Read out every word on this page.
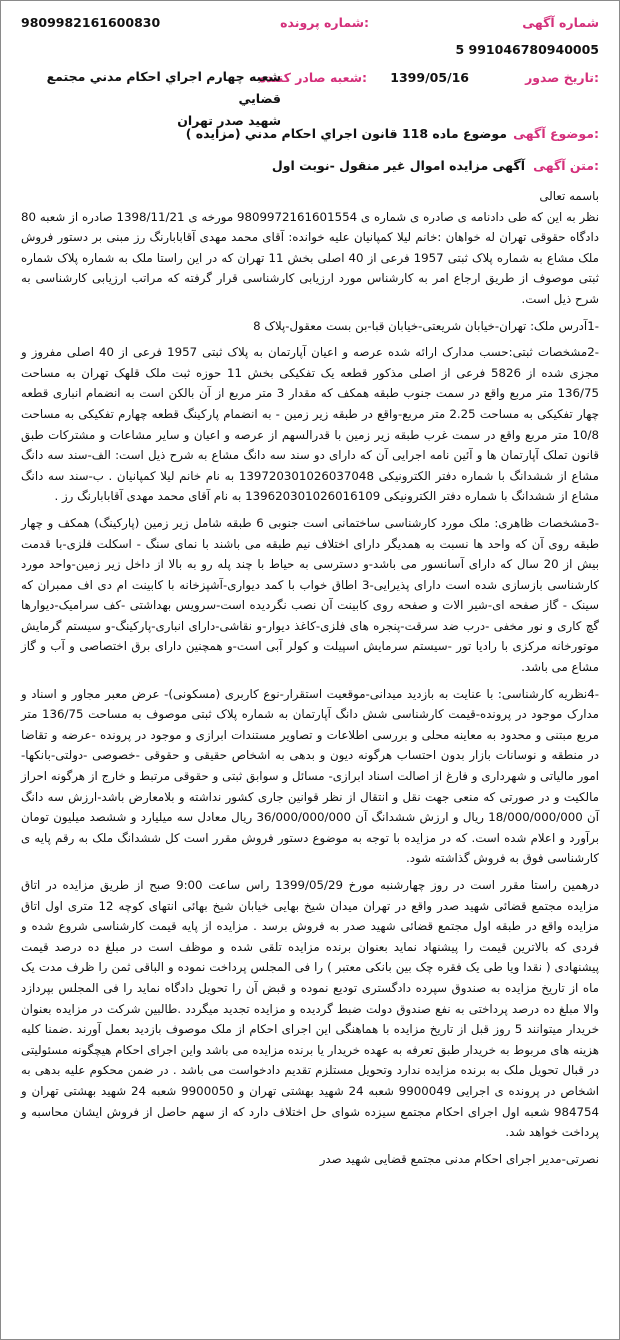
شماره آگهی
:شماره پرونده
9809982161600830
991046780940005 5
:تاریخ صدور
1399/05/16
:شعبه صادر کننده
شعبه چهارم اجراي احكام مدني مجتمع قضايي
شهيد صدر تهران
:موضوع آگهی
موضوع ماده 118 قانون اجراي احكام مدني (مزايده )
:متن آگهی
آگهی مزايده اموال غير منقول -نوبت اول

باسمه تعالی

نظر به اين كه طی دادنامه ی صادره ی شماره ی 9809972161601554 مورخه ی 1398/11/21 صادره از شعبه 80 دادگاه حقوقی تهران له خواهان :خانم ليلا كمپانيان عليه خوانده: آقای محمد مهدی آقابابارنگ رز مبنی بر دستور فروش ملک مشاع به شماره پلاک ثبتی 1957 فرعی از 40 اصلی بخش 11 تهران که در اين راستا ملک به شماره پلاک شماره ثبتی موصوف از طريق ارجاع امر به كارشناس مورد ارزيابی كارشناسی قرار گرفته كه مراتب ارزيابی كارشناسی به شرح ذيل است.

-1آدرس ملک: تهران-خيابان شريعتی-خيابان قبا-بن بست معقول-پلاک 8

-2مشخصات ثبتی:حسب مدارک ارائه شده عرصه و اعيان آپارتمان به پلاک ثبتی 1957 فرعی از 40 اصلی مفروز و مجزی شده از 5826 فرعی از اصلی مذكور قطعه يک تفكيكی بخش 11 حوزه ثبت ملک قلهک تهران به مساحت 136/75 متر مربع واقع در سمت جنوب طبقه همكف كه مقدار 3 متر مربع از آن بالكن است به انضمام انباری قطعه چهار تفكيكی به مساحت 2.25 متر مربع-واقع در طبقه زير زمين - به انضمام پاركينگ قطعه چهارم تفكيكی به مساحت 10/8 متر مربع واقع در سمت غرب طبقه زير زمين با قدرالسهم از عرصه و اعيان و ساير مشاعات و مشتركات طبق قانون تملک آپارتمان ها و آئين نامه اجرايی آن كه دارای دو سند سه دانگ مشاع به شرح ذيل است: الف-سند سه دانگ مشاع از ششدانگ با شماره دفتر الكترونيكی 139720301026037048 به نام خانم ليلا كمپانيان . ب-سند سه دانگ مشاع از ششدانگ با شماره دفتر الكترونيكی 139620301026016109 به نام آقای محمد مهدی آقابابارنگ رز .

-3مشخصات ظاهری: ملک مورد كارشناسی ساختمانی است جنوبی 6 طبقه شامل زير زمين (پاركينگ) همكف و چهار طبقه روی آن كه واحد ها نسبت به همديگر دارای اختلاف نيم طبقه می باشند با نمای سنگ - اسكلت فلزی-با قدمت بيش از 20 سال كه دارای آسانسور می باشد-و دسترسی به حياط با چند پله رو به بالا از داخل زير زمين-واحد مورد كارشناسی بازسازی شده است دارای پذيرايی-3 اطاق خواب با كمد ديواری-آشپزخانه با كابينت ام دی اف ممبران كه سينک - گاز صفحه ای-شير الات و صفحه روی كابينت آن نصب نگرديده است-سرويس بهداشتی -كف سراميک-ديوارها گچ كاری و نور مخفی -درب ضد سرقت-پنجره های فلزی-كاغذ ديوار-و نقاشی-دارای انباری-پاركينگ-و سيستم گرمايش موتورخانه مركزی با راديا تور -سيستم سرمايش اسپيلت و كولر آبی است-و همچنين دارای برق اختصاصی و آب و گاز مشاع می باشد.

-4نظريه كارشناسی: با عنايت به بازديد ميدانی-موقعيت استقرار-نوع كاربری (مسكونی)- عرض معبر مجاور و اسناد و مدارک موجود در پرونده-قيمت كارشناسی شش دانگ آپارتمان به شماره پلاک ثبتی موصوف به مساحت 136/75 متر مربع مبتنی و محدود به معاينه محلی و بررسی اطلاعات و تصاوير مستندات ابرازی و موجود در پرونده -عرضه و تقاضا در منطقه و نوسانات بازار بدون احتساب هرگونه ديون و بدهی به اشخاص حقيقی و حقوقی -خصوصی -دولتی-بانكها-امور مالياتی و شهرداری و فارغ از اصالت اسناد ابرازی- مسائل و سوابق ثبتی و حقوقی مرتبط و خارج از هرگونه احراز مالكيت و در صورتی كه منعی جهت نقل و انتقال از نظر قوانين جاری كشور نداشته و بلامعارض باشد-ارزش سه دانگ آن 18/000/000/000 ريال و ارزش ششدانگ آن 36/000/000/000 ريال معادل سه ميليارد و ششصد ميليون تومان برآورد و اعلام شده است. كه در مزايده با توجه به موضوع دستور فروش مقرر است كل ششدانگ ملک به رقم پايه ی كارشناسی فوق به فروش گذاشته شود.

درهمين راستا مقرر است در روز چهارشنبه مورخ 1399/05/29 راس ساعت 9:00 صبح از طريق مزايده در اتاق مزايده مجتمع قضائی شهيد صدر واقع در تهران ميدان شيخ بهايی خيابان شيخ بهائی انتهای كوچه 12 متری اول اتاق مزايده واقع در طبقه اول مجتمع قضائی شهيد صدر به فروش برسد . مزايده از پايه قيمت كارشناسی شروع شده و فردی كه بالاترين قيمت را پيشنهاد نمايد بعنوان برنده مزايده تلقی شده و موظف است در مبلغ ده درصد قيمت پيشنهادی ( نقدا ويا طی يک فقره چک بين بانكی معتبر ) را فی المجلس پرداخت نموده و الباقی ثمن را ظرف مدت يک ماه از تاريخ مزايده به صندوق سپرده دادگستری توديع نموده و قبض آن را تحويل دادگاه نمايد را فی المجلس بپردازد والا مبلغ ده درصد پرداختی به نفع صندوق دولت ضبط گرديده و مزايده تجديد ميگردد .طالبين شركت در مزايده بعنوان خريدار ميتوانند 5 روز قبل از تاريخ مزايده با هماهنگی اين اجرای احكام از ملک موصوف بازديد بعمل آورند .ضمنا كليه هزينه های مربوط به خريدار طبق تعرفه به عهده خريدار يا برنده مزايده می باشد واين اجرای احكام هيچگونه مسئوليتی در قبال تحويل ملک به برنده مزايده ندارد وتحويل مستلزم تقديم دادخواست می باشد . در ضمن محكوم عليه بدهی به اشخاص در پرونده ی اجرايی 9900049 شعبه 24 شهيد بهشتی تهران و 9900050 شعبه 24 شهيد بهشتی تهران و 984754 شعبه اول اجرای احكام مجتمع سيزده شوای حل اختلاف دارد كه از سهم حاصل از فروش ايشان محاسبه و پرداخت خواهد شد.

نصرتی-مدير اجرای احكام مدنی مجتمع قضايی شهيد صدر
